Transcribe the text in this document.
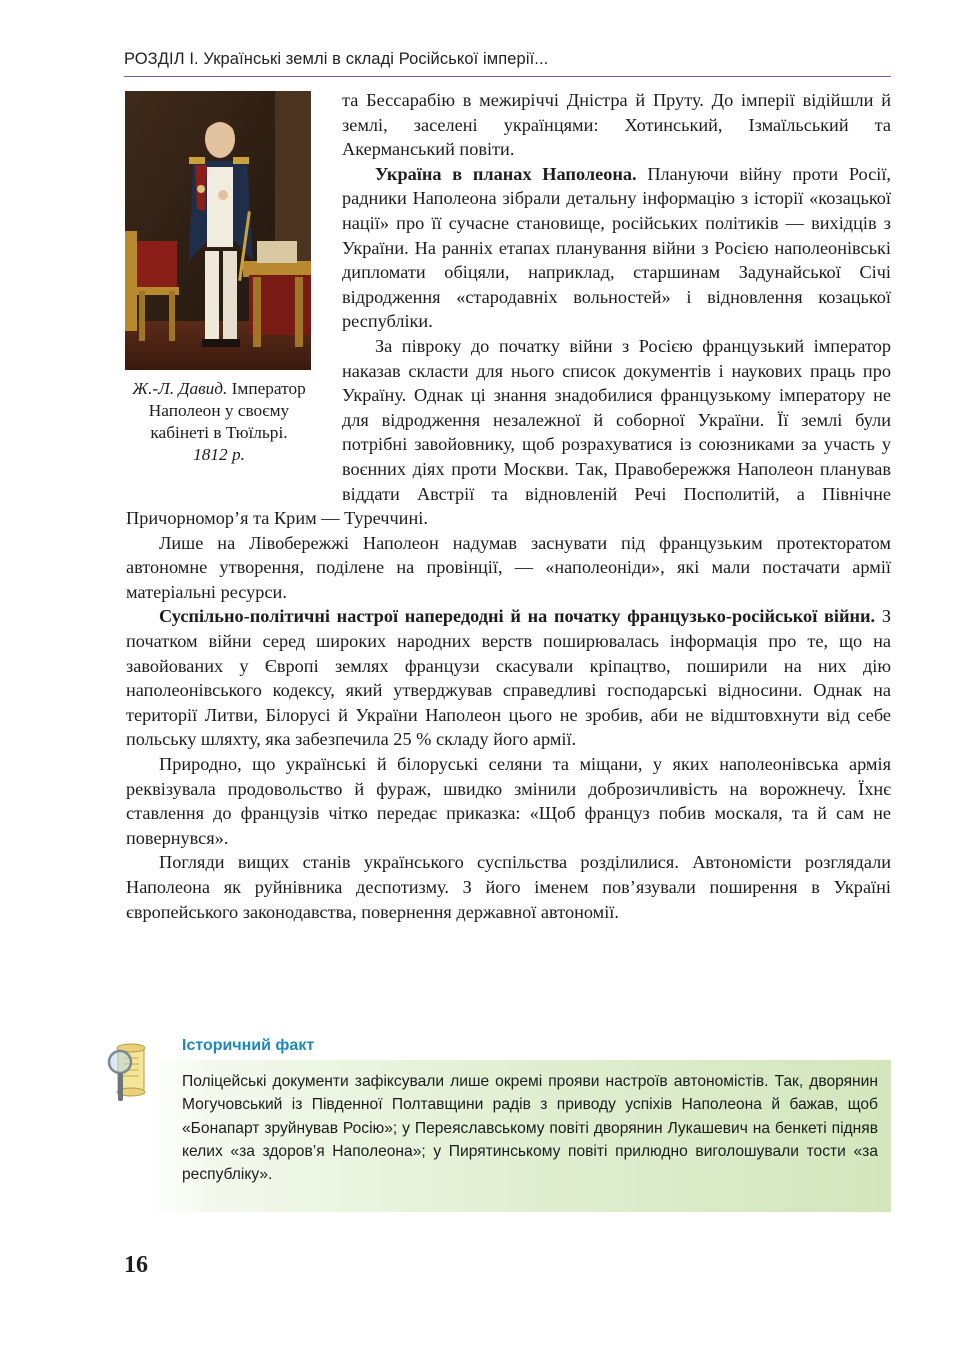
РОЗДІЛ І. Українські землі в складі Російської імперії...
Ж.-Л. Давид. Імператор Наполеон у своєму кабінеті в Тюїльрі.
1812 р.

та Бессарабію в межиріччі Дністра й Пруту. До імперії відійшли й землі, заселені українцями: Хотинський, Ізмаїльський та Акерманський повіти.

Україна в планах Наполеона. Плануючи війну проти Росії, радники Наполеона зібрали детальну інформацію з історії «козацької нації» про її сучасне становище, російських політиків — вихідців з України. На ранніх етапах планування війни з Росією наполеонівські дипломати обіцяли, наприклад, старшинам Задунайської Січі відродження «стародавніх вольностей» і відновлення козацької республіки.

За півроку до початку війни з Росією французький імператор наказав скласти для нього список документів і наукових праць про Україну. Однак ці знання знадобилися французькому імператору не для відродження незалежної й соборної України. Її землі були потрібні завойовнику, щоб розрахуватися із союзниками за участь у воєнних діях проти Москви. Так, Правобережжя Наполеон планував віддати Австрії та відновленій Речі Посполитій, а Північне Причорномор’я та Крим — Туреччині.

Лише на Лівобережжі Наполеон надумав заснувати під французьким протекторатом автономне утворення, поділене на провінції, — «наполеоніди», які мали постачати армії матеріальні ресурси.

Суспільно-політичні настрої напередодні й на початку французько-російської війни. З початком війни серед широких народних верств поширювалась інформація про те, що на завойованих у Європі землях французи скасували кріпацтво, поширили на них дію наполеонівського кодексу, який утверджував справедливі господарські відносини. Однак на території Литви, Білорусі й України Наполеон цього не зробив, аби не відштовхнути від себе польську шляхту, яка забезпечила 25 % складу його армії.

Природно, що українські й білоруські селяни та міщани, у яких наполеонівська армія реквізувала продовольство й фураж, швидко змінили доброзичливість на ворожнечу. Їхнє ставлення до французів чітко передає приказка: «Щоб француз побив москаля, та й сам не повернувся».

Погляди вищих станів українського суспільства розділилися. Автономісти розглядали Наполеона як руйнівника деспотизму. З його іменем пов’язували поширення в Україні європейського законодавства, повернення державної автономії.

Історичний факт
Поліцейські документи зафіксували лише окремі прояви настроїв автономістів. Так, дворянин Могучовський із Південної Полтавщини радів з приводу успіхів Наполеона й бажав, щоб «Бонапарт зруйнував Росію»; у Переяславському повіті дворянин Лукашевич на бенкеті підняв келих «за здоров’я Наполеона»; у Пирятинському повіті прилюдно виголошували тости «за республіку».
16
